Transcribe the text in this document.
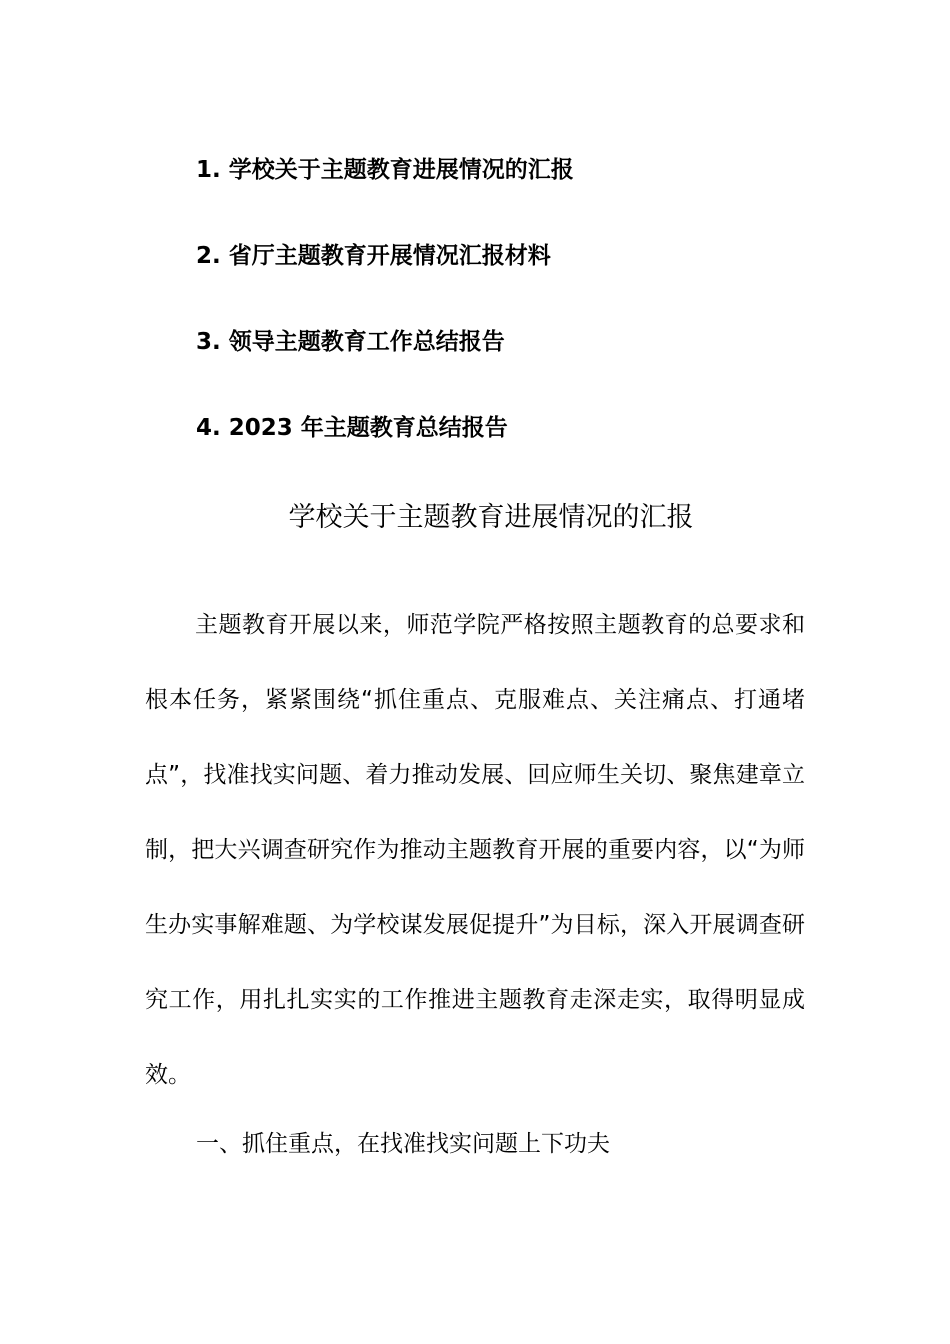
1. 学校关于主题教育进展情况的汇报
2. 省厅主题教育开展情况汇报材料
3. 领导主题教育工作总结报告
4. 2023 年主题教育总结报告
学校关于主题教育进展情况的汇报

主题教育开展以来，师范学院严格按照主题教育的总要求和根本任务，紧紧围绕“抓住重点、克服难点、关注痛点、打通堵点”，找准找实问题、着力推动发展、回应师生关切、聚焦建章立制，把大兴调查研究作为推动主题教育开展的重要内容，以“为师生办实事解难题、为学校谋发展促提升”为目标，深入开展调查研究工作，用扎扎实实的工作推进主题教育走深走实，取得明显成效。

一、抓住重点，在找准找实问题上下功夫
